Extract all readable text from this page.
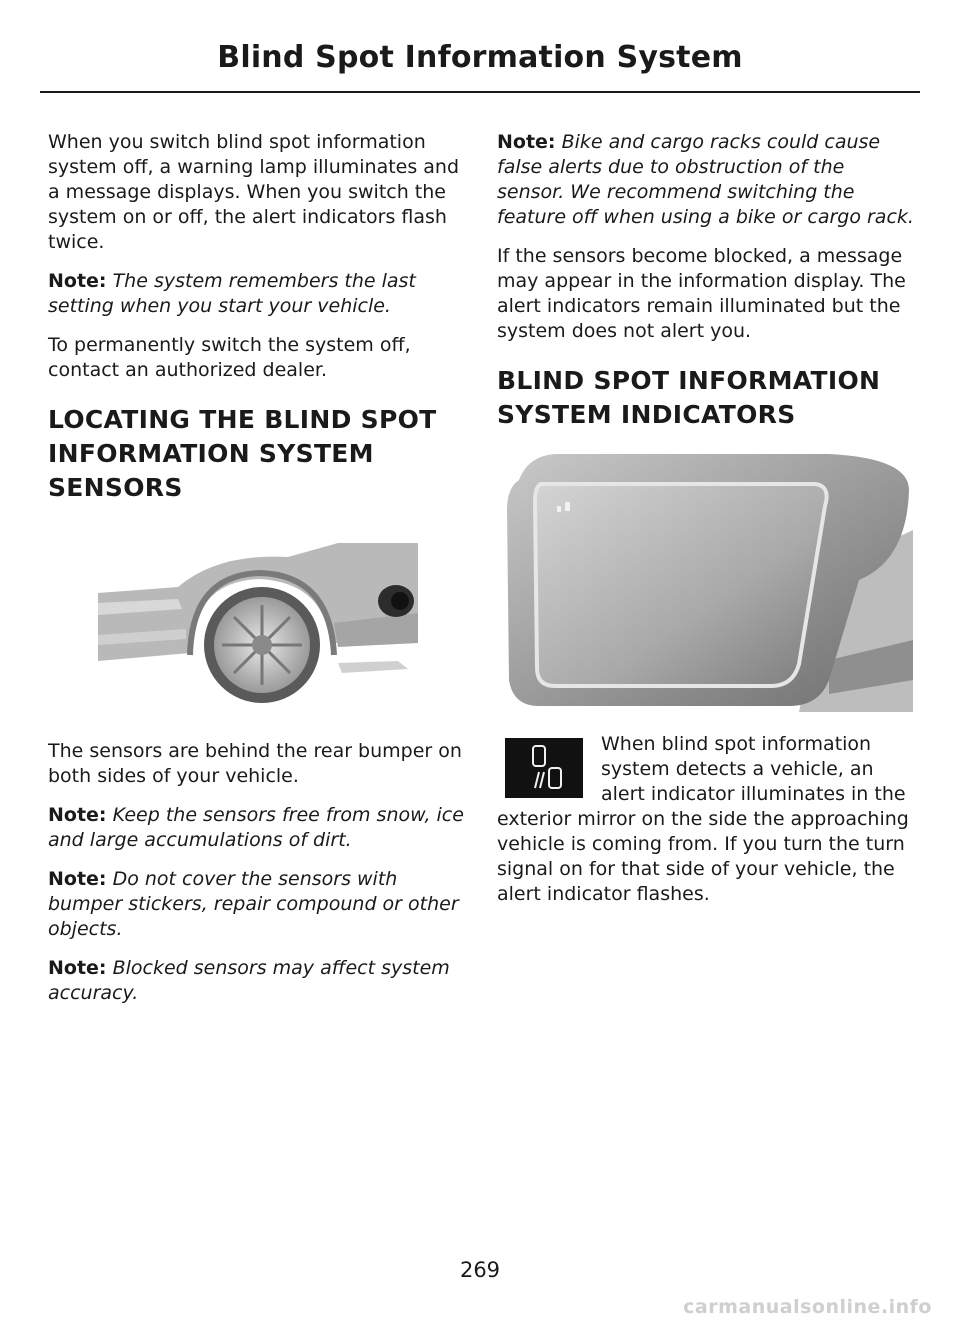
Blind Spot Information System

When you switch blind spot information system off, a warning lamp illuminates and a message displays. When you switch the system on or off, the alert indicators flash twice.

Note: The system remembers the last setting when you start your vehicle.

To permanently switch the system off, contact an authorized dealer.

LOCATING THE BLIND SPOT INFORMATION SYSTEM SENSORS

The sensors are behind the rear bumper on both sides of your vehicle.

Note: Keep the sensors free from snow, ice and large accumulations of dirt.

Note: Do not cover the sensors with bumper stickers, repair compound or other objects.

Note: Blocked sensors may affect system accuracy.

Note: Bike and cargo racks could cause false alerts due to obstruction of the sensor. We recommend switching the feature off when using a bike or cargo rack.

If the sensors become blocked, a message may appear in the information display. The alert indicators remain illuminated but the system does not alert you.

BLIND SPOT INFORMATION SYSTEM INDICATORS

When blind spot information system detects a vehicle, an alert indicator illuminates in the exterior mirror on the side the approaching vehicle is coming from. If you turn the turn signal on for that side of your vehicle, the alert indicator flashes.

269
carmanualsonline.info
